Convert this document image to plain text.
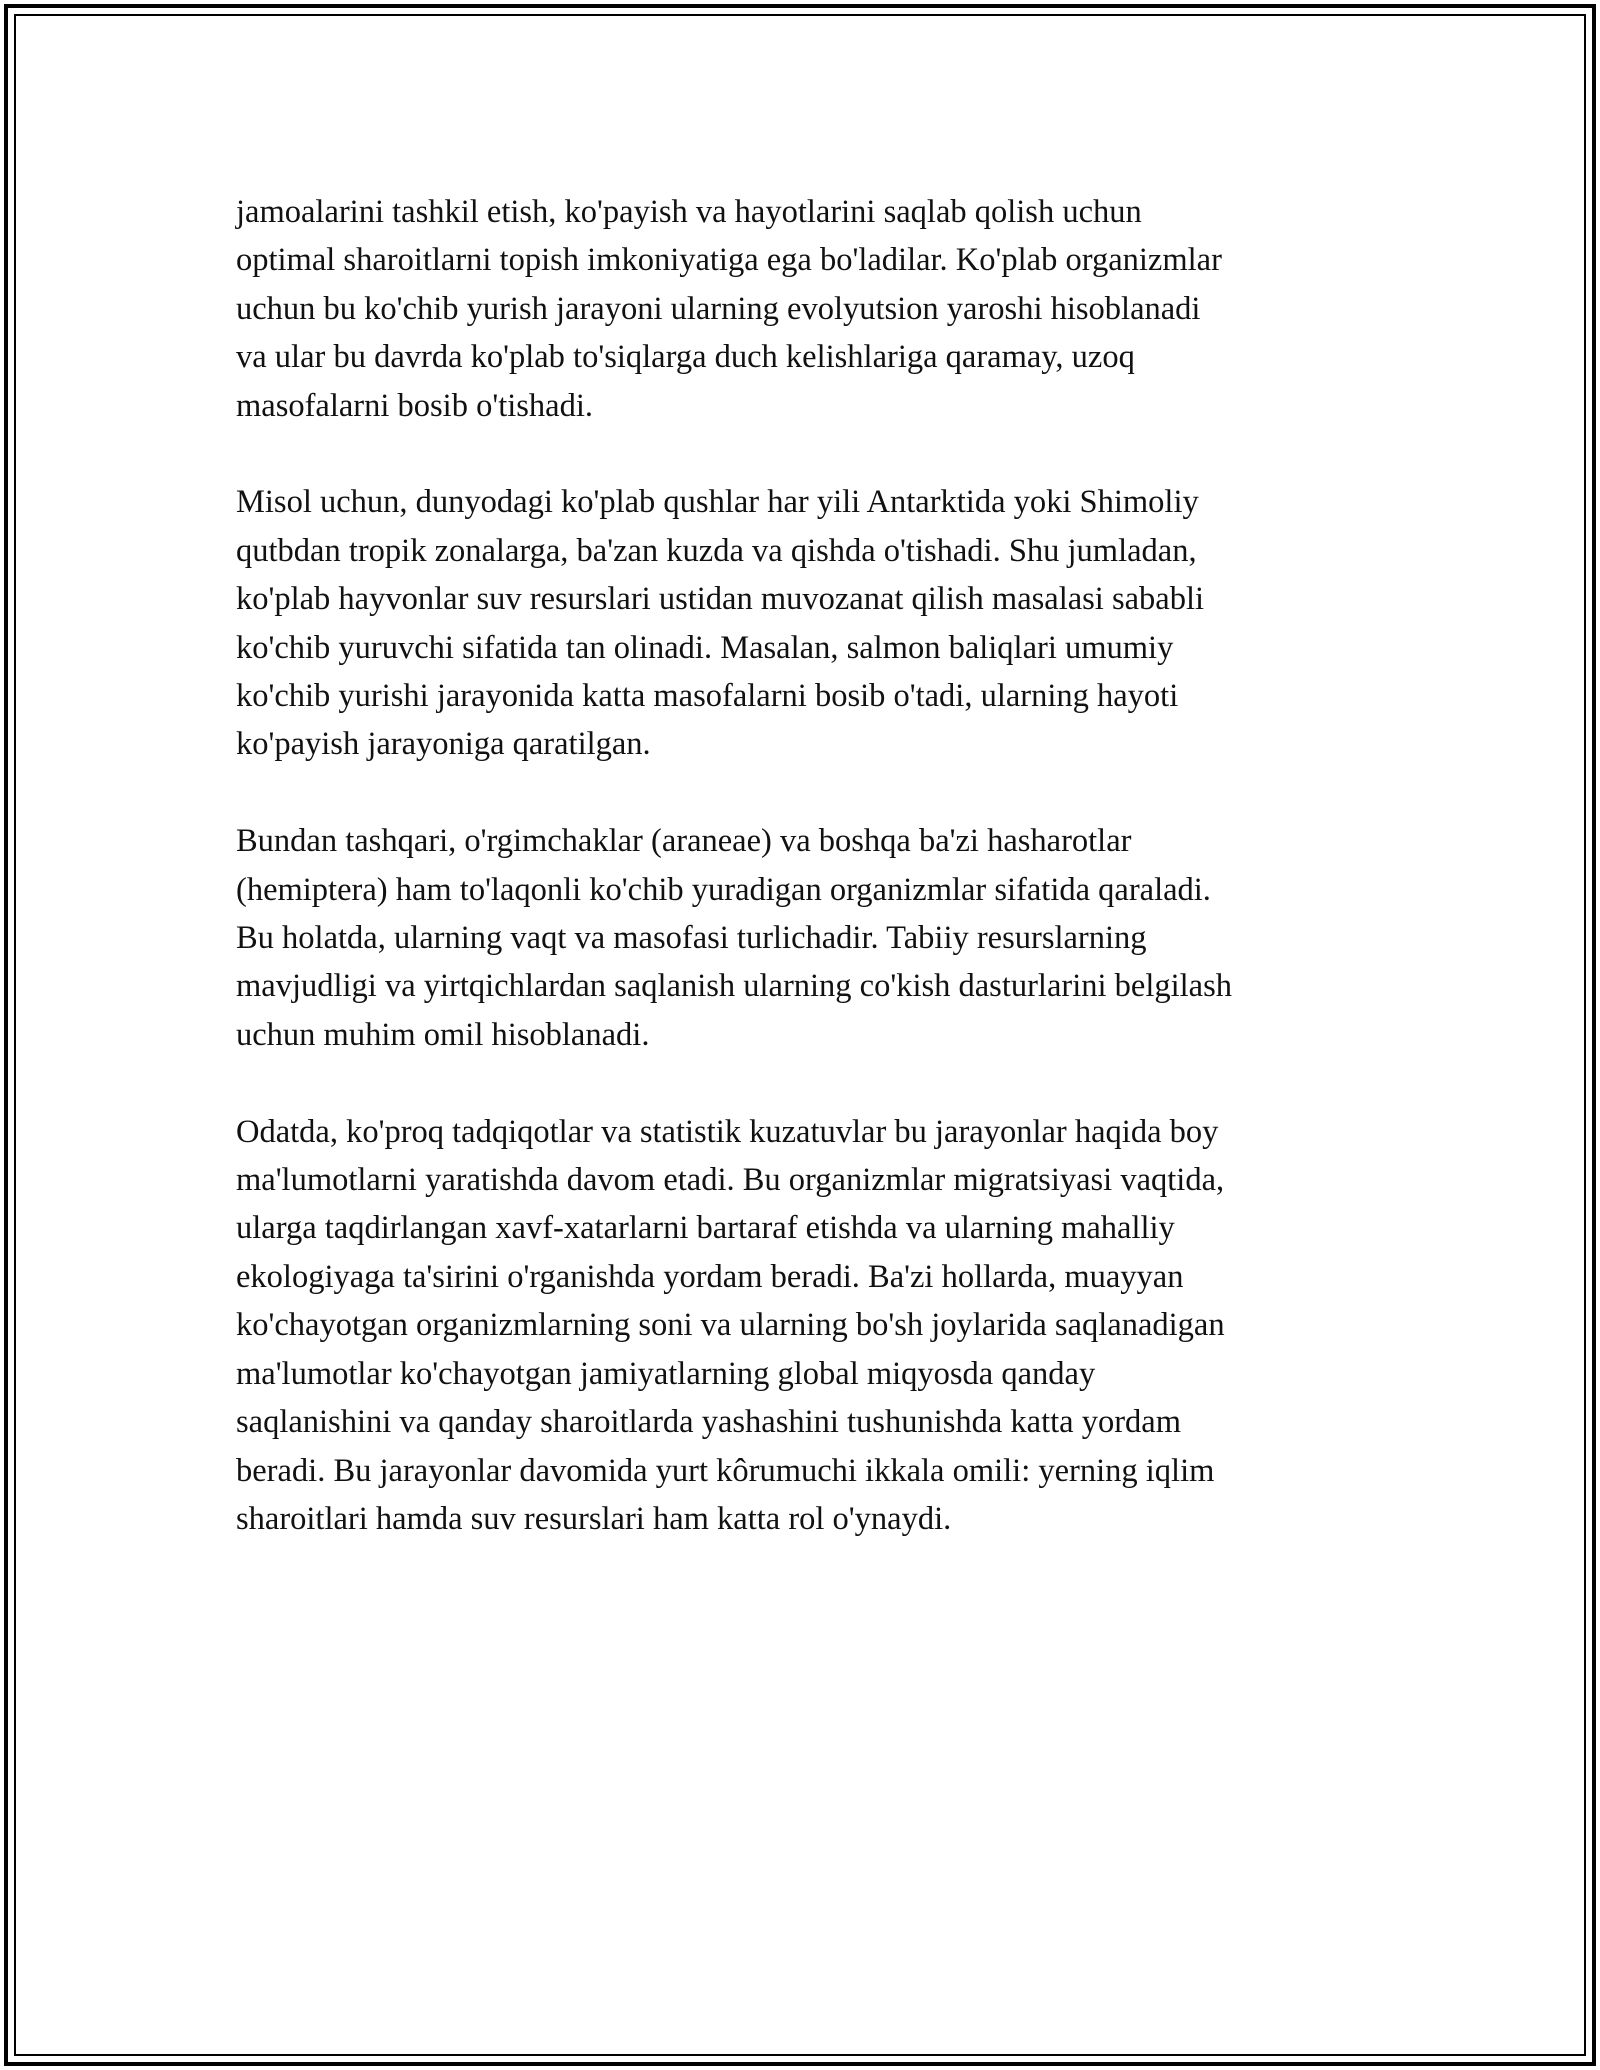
jamoalarini tashkil etish, ko'payish va hayotlarini saqlab qolish uchun
optimal sharoitlarni topish imkoniyatiga ega bo'ladilar. Ko'plab organizmlar
uchun bu ko'chib yurish jarayoni ularning evolyutsion yaroshi hisoblanadi
va ular bu davrda ko'plab to'siqlarga duch kelishlariga qaramay, uzoq
masofalarni bosib o'tishadi.

Misol uchun, dunyodagi ko'plab qushlar har yili Antarktida yoki Shimoliy
qutbdan tropik zonalarga, ba'zan kuzda va qishda o'tishadi. Shu jumladan,
ko'plab hayvonlar suv resurslari ustidan muvozanat qilish masalasi sababli
ko'chib yuruvchi sifatida tan olinadi. Masalan, salmon baliqlari umumiy
ko'chib yurishi jarayonida katta masofalarni bosib o'tadi, ularning hayoti
ko'payish jarayoniga qaratilgan.

Bundan tashqari, o'rgimchaklar (araneae) va boshqa ba'zi hasharotlar
(hemiptera) ham to'laqonli ko'chib yuradigan organizmlar sifatida qaraladi.
Bu holatda, ularning vaqt va masofasi turlichadir. Tabiiy resurslarning
mavjudligi va yirtqichlardan saqlanish ularning co'kish dasturlarini belgilash
uchun muhim omil hisoblanadi.

Odatda, ko'proq tadqiqotlar va statistik kuzatuvlar bu jarayonlar haqida boy
ma'lumotlarni yaratishda davom etadi. Bu organizmlar migratsiyasi vaqtida,
ularga taqdirlangan xavf-xatarlarni bartaraf etishda va ularning mahalliy
ekologiyaga ta'sirini o'rganishda yordam beradi. Ba'zi hollarda, muayyan
ko'chayotgan organizmlarning soni va ularning bo'sh joylarida saqlanadigan
ma'lumotlar ko'chayotgan jamiyatlarning global miqyosda qanday
saqlanishini va qanday sharoitlarda yashashini tushunishda katta yordam
beradi. Bu jarayonlar davomida yurt kôrumuchi ikkala omili: yerning iqlim
sharoitlari hamda suv resurslari ham katta rol o'ynaydi.
